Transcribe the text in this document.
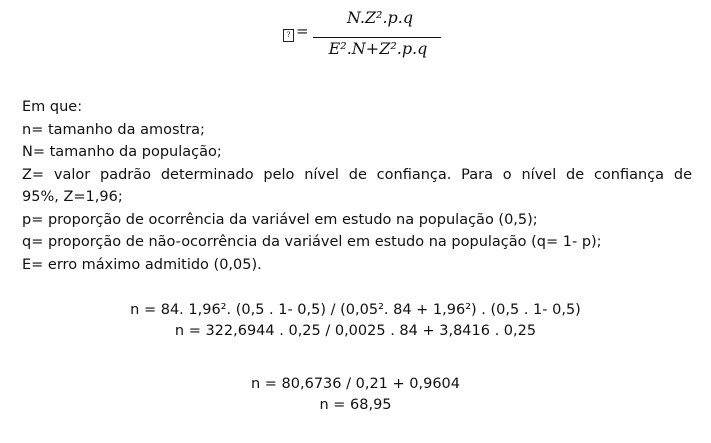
? =
N.Z².p.q
E².N+Z².p.q

Em que:

n= tamanho da amostra;

N= tamanho da população;

Z= valor padrão determinado pelo nível de confiança. Para o nível de confiança de

95%, Z=1,96;

p= proporção de ocorrência da variável em estudo na população (0,5);

q= proporção de não-ocorrência da variável em estudo na população (q= 1- p);

E= erro máximo admitido (0,05).

n = 84. 1,96². (0,5 . 1- 0,5) / (0,05². 84 + 1,96²) . (0,5 . 1- 0,5)

n = 322,6944 . 0,25 / 0,0025 . 84 + 3,8416 . 0,25

n = 80,6736 / 0,21 + 0,9604

n = 68,95
